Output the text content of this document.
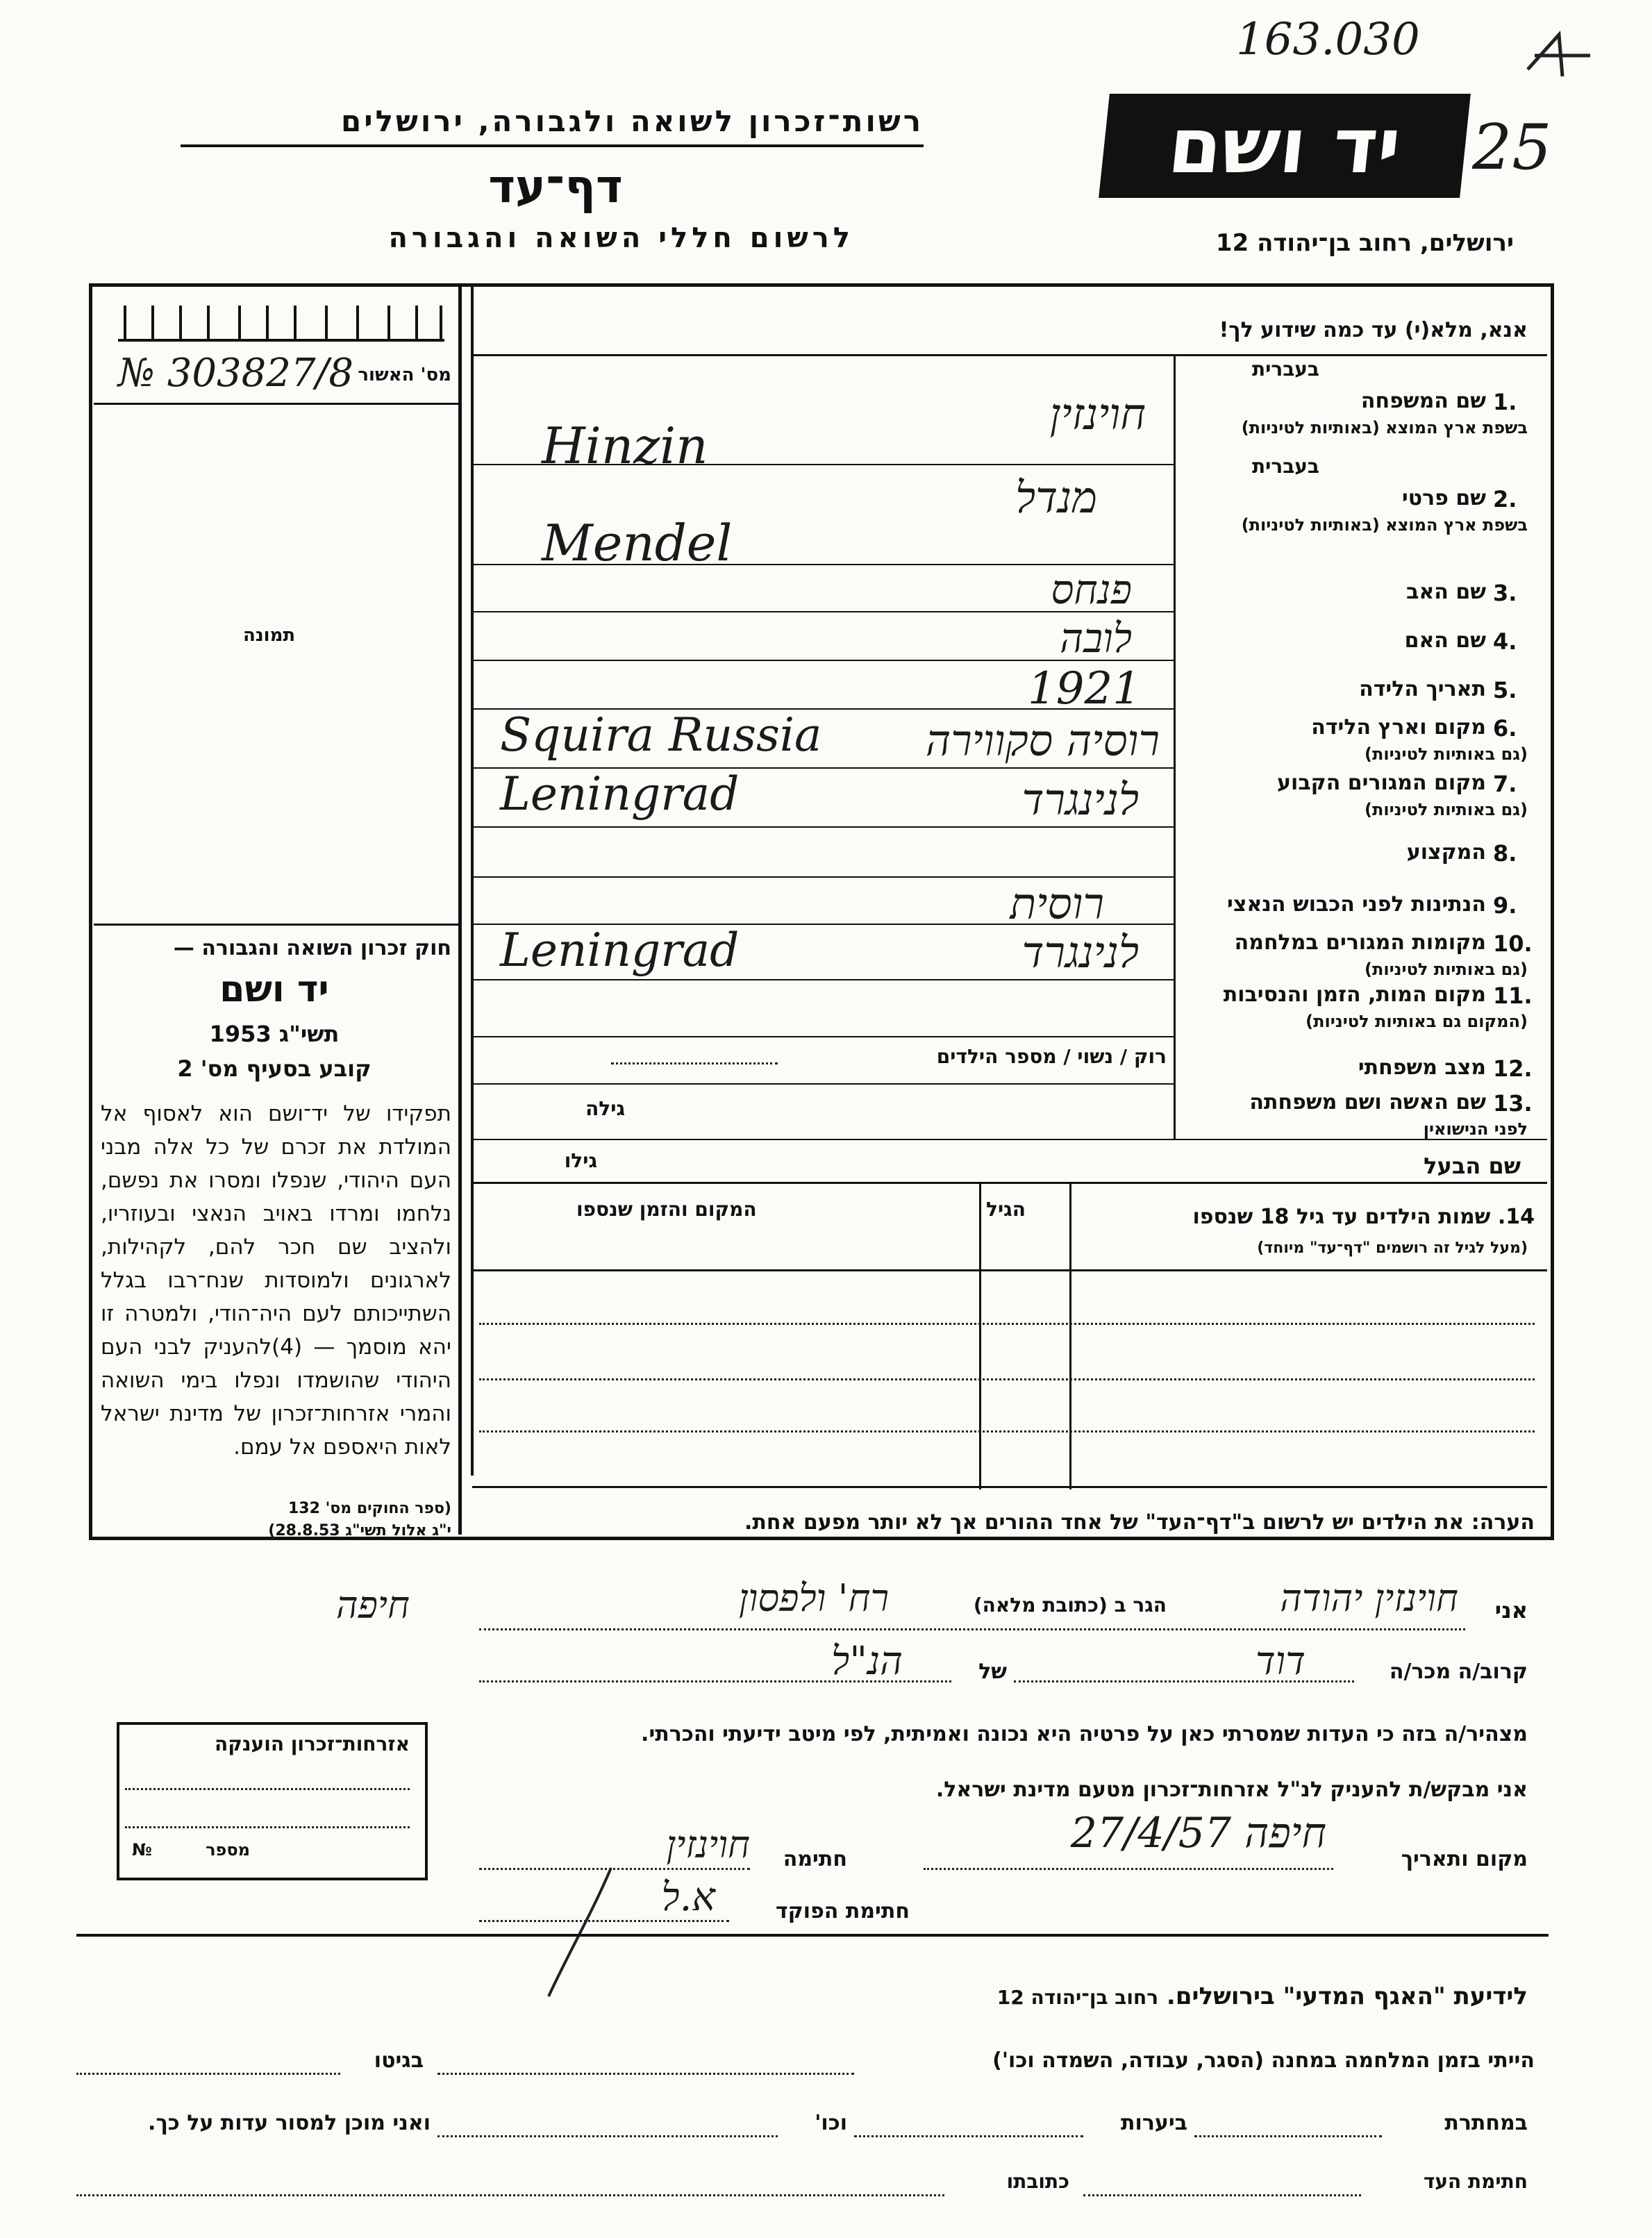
163.030
25
יד ושם
רשות־זכרון לשואה ולגבורה, ירושלים
דף־עד
לרשום חללי השואה והגבורה	ירושלים, רחוב בן־יהודה 12
№ 303827/8 מס' האשור
תמונה
חוק זכרון השואה והגבורה —
יד ושם
תשי"ג 1953
קובע בסעיף מס' 2
תפקידו של יד־ושם הוא לאסוף אל המולדת את זכרם של כל אלה מבני העם היהודי, שנפלו ומסרו את נפשם, נלחמו ומרדו באויב הנאצי ובעוזריו, ולהציב שם חכר להם, לקהילות, לארגונים ולמוסדות שנח־רבו בגלל השתייכותם לעם היה־הודי, ולמטרה זו יהא מוסמך — (4)להעניק לבני העם היהודי שהושמדו ונפלו בימי השואה והמרי אזרחות־זכרון של מדינת ישראל לאות היאספם אל עמם.
(ספר החוקים מס' 132
י"ג אלול תשי"ג 28.8.53)
אנא, מלא(י) עד כמה שידוע לך!
1.
שם המשפחה
בעברית
בשפת ארץ המוצא (באותיות לטיניות)
2.
שם פרטי
בעברית
בשפת ארץ המוצא (באותיות לטיניות)
3.
שם האב
4.
שם האם
5.
תאריך הלידה
6.
מקום וארץ הלידה
(גם באותיות לטיניות)
7.
מקום המגורים הקבוע
(גם באותיות לטיניות)
8.
המקצוע
9.
הנתינות לפני הכבוש הנאצי
10.
מקומות המגורים במלחמה
(גם באותיות לטיניות)
11.
מקום המות, הזמן והנסיבות
(המקום גם באותיות לטיניות)
12.
מצב משפחתי
13.
שם האשה ושם משפחתה
לפני הנישואין
חוינזין
Hinzin
מנדל
Mendel
פנחס
לובה
1921
רוסיה סקווירה
Squira Russia
לנינגרד
Leningrad
רוסית
לנינגרד
Leningrad
רוק / נשוי / מספר הילדים
גילה
גילו	שם הבעל
14. שמות הילדים עד גיל 18 שנספו
(מעל לגיל זה רושמים "דף־עד" מיוחד)
הגיל
המקום והזמן שנספו
הערה: את הילדים יש לרשום ב"דף־העד" של אחד ההורים אך לא יותר מפעם אחת.
אני
חוינזין יהודה
הגר ב (כתובת מלאה)
רח' ולפסון
חיפה
קרוב/ה מכר/ה
דוד
של
הנ"ל
מצהיר/ה בזה כי העדות שמסרתי כאן על פרטיה היא נכונה ואמיתית, לפי מיטב ידיעתי והכרתי.
אני מבקש/ת להעניק לנ"ל אזרחות־זכרון מטעם מדינת ישראל.
מקום ותאריך
חיפה 27/4/57
חתימה
חוינזין
חתימת הפוקד
א.ל
אזרחות־זכרון הוענקה
מספר
№
לידיעת "האגף המדעי" בירושלים. רחוב בן־יהודה 12
הייתי בזמן המלחמה במחנה (הסגר, עבודה, השמדה וכו')
בגיטו
במחתרת
ביערות
וכו'
ואני מוכן למסור עדות על כך.
חתימת העד
כתובתו
